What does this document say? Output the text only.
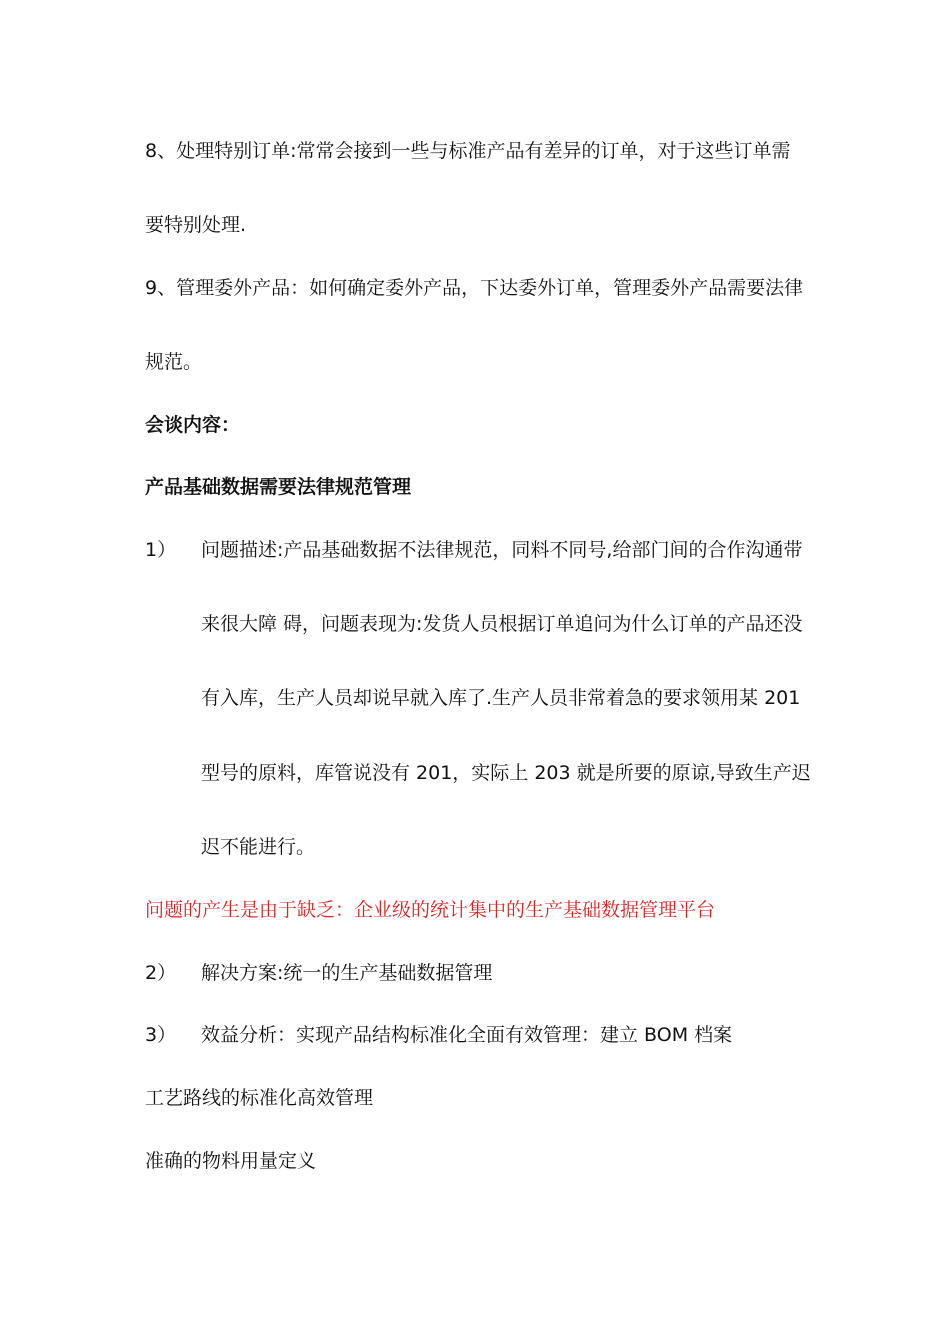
8、处理特别订单:常常会接到一些与标准产品有差异的订单，对于这些订单需
要特别处理.
9、管理委外产品：如何确定委外产品，下达委外订单，管理委外产品需要法律
规范。
会谈内容：
产品基础数据需要法律规范管理
1） 问题描述:产品基础数据不法律规范，同料不同号,给部门间的合作沟通带
来很大障 碍，问题表现为:发货人员根据订单追问为什么订单的产品还没
有入库，生产人员却说早就入库了.生产人员非常着急的要求领用某 201
型号的原料，库管说没有 201，实际上 203 就是所要的原谅,导致生产迟
迟不能进行。
问题的产生是由于缺乏：企业级的统计集中的生产基础数据管理平台
2） 解决方案:统一的生产基础数据管理
3） 效益分析：实现产品结构标准化全面有效管理：建立 BOM 档案
工艺路线的标准化高效管理
准确的物料用量定义
